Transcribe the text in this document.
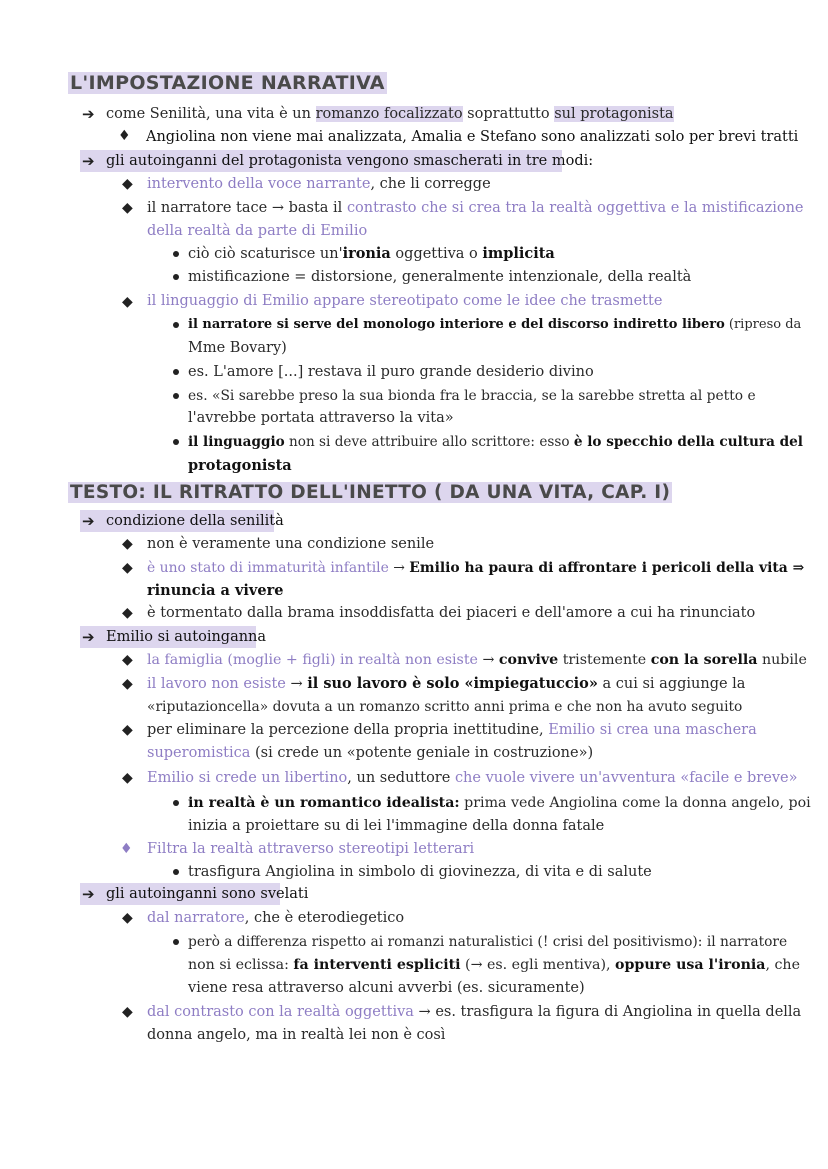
L'IMPOSTAZIONE NARRATIVA
➔ come Senilità, una vita è un romanzo focalizzato soprattutto sul protagonista
♦ Angiolina non viene mai analizzata, Amalia e Stefano sono analizzati solo per brevi tratti
➔ gli autoinganni del protagonista vengono smascherati in tre modi:
◆ intervento della voce narrante, che li corregge
◆ il narratore tace → basta il contrasto che si crea tra la realtà oggettiva e la mistificazione
della realtà da parte di Emilio
ciò ciò scaturisce un'ironia oggettiva o implicita
mistificazione = distorsione, generalmente intenzionale, della realtà
◆ il linguaggio di Emilio appare stereotipato come le idee che trasmette
il narratore si serve del monologo interiore e del discorso indiretto libero (ripreso da
Mme Bovary)
es. L'amore [...] restava il puro grande desiderio divino
es. «Si sarebbe preso la sua bionda fra le braccia, se la sarebbe stretta al petto e
l'avrebbe portata attraverso la vita»
il linguaggio non si deve attribuire allo scrittore: esso è lo specchio della cultura del
protagonista
TESTO: IL RITRATTO DELL'INETTO ( DA UNA VITA, CAP. I)
➔ condizione della senilità
◆ non è veramente una condizione senile
◆ è uno stato di immaturità infantile → Emilio ha paura di affrontare i pericoli della vita ⇒
rinuncia a vivere
◆ è tormentato dalla brama insoddisfatta dei piaceri e dell'amore a cui ha rinunciato
➔ Emilio si autoinganna
◆ la famiglia (moglie + figli) in realtà non esiste → convive tristemente con la sorella nubile
◆ il lavoro non esiste → il suo lavoro è solo «impiegatuccio» a cui si aggiunge la
«riputazioncella» dovuta a un romanzo scritto anni prima e che non ha avuto seguito
◆ per eliminare la percezione della propria inettitudine, Emilio si crea una maschera
superomistica (si crede un «potente geniale in costruzione»)
◆ Emilio si crede un libertino, un seduttore che vuole vivere un'avventura «facile e breve»
in realtà è un romantico idealista: prima vede Angiolina come la donna angelo, poi
inizia a proiettare su di lei l'immagine della donna fatale
♦ Filtra la realtà attraverso stereotipi letterari
trasfigura Angiolina in simbolo di giovinezza, di vita e di salute
➔ gli autoinganni sono svelati
◆ dal narratore, che è eterodiegetico
però a differenza rispetto ai romanzi naturalistici (! crisi del positivismo): il narratore
non si eclissa: fa interventi espliciti (→ es. egli mentiva), oppure usa l'ironia, che
viene resa attraverso alcuni avverbi (es. sicuramente)
◆ dal contrasto con la realtà oggettiva → es. trasfigura la figura di Angiolina in quella della
donna angelo, ma in realtà lei non è così
